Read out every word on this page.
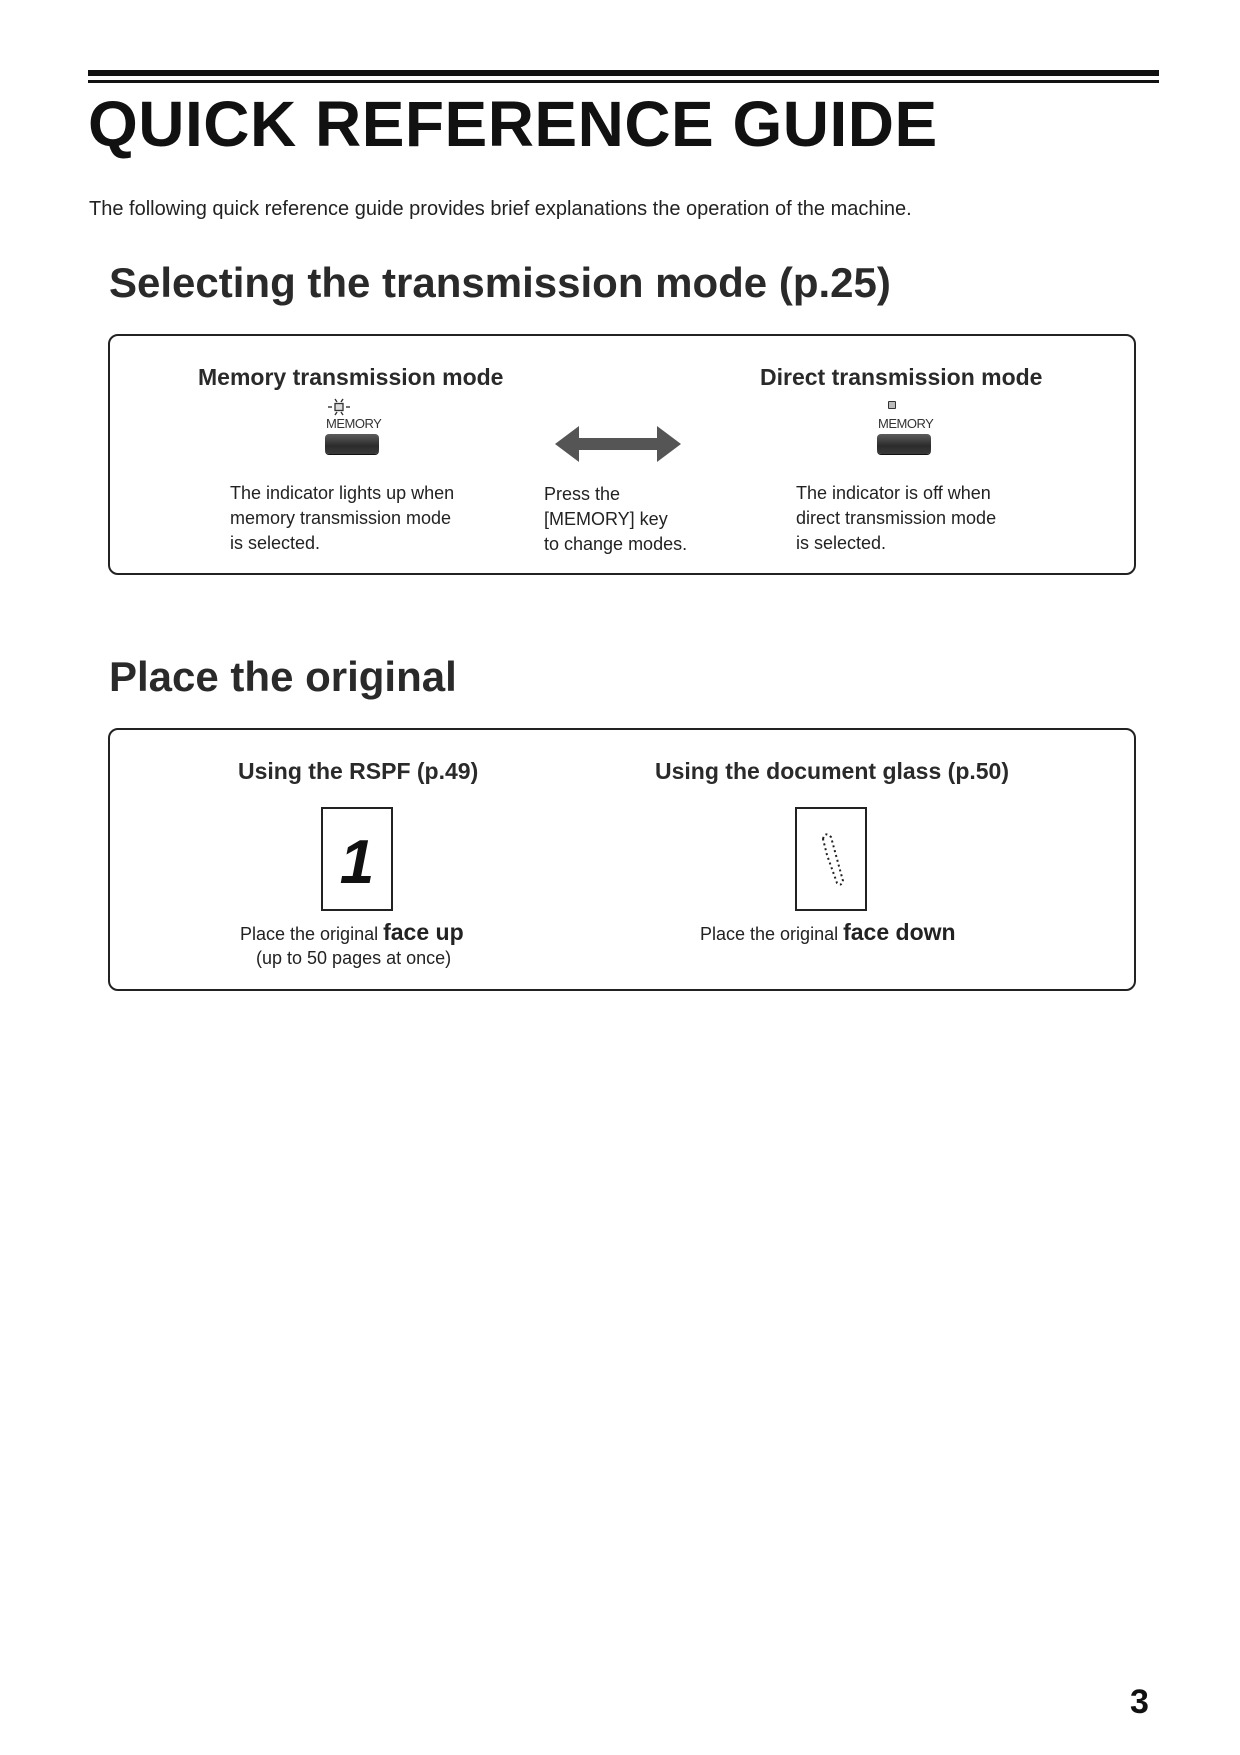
QUICK REFERENCE GUIDE
The following quick reference guide provides brief explanations the operation of the machine.
Selecting the transmission mode (p.25)
Memory transmission mode
MEMORY
The indicator lights up when
memory transmission mode
is selected.
Press the
[MEMORY] key
to change modes.
Direct transmission mode
MEMORY
The indicator is off when
direct transmission mode
is selected.
Place the original
Using the RSPF (p.49)
1
Place the original face up
(up to 50 pages at once)
Using the document glass (p.50)
Place the original face down
3
